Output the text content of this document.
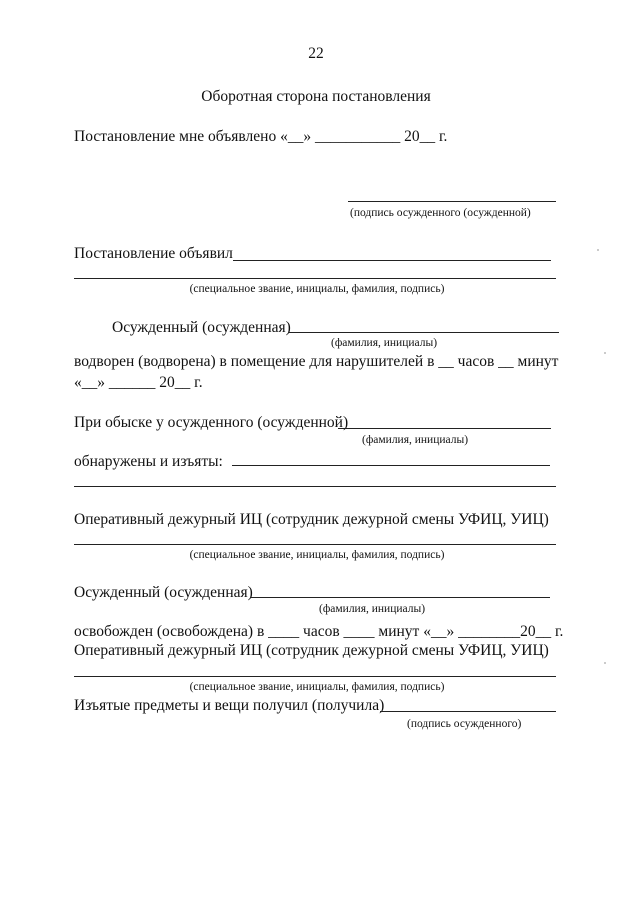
22
Оборотная сторона постановления
Постановление мне объявлено «__» ___________ 20__ г.
(подпись осужденного (осужденной)
Постановление объявил
(специальное звание, инициалы, фамилия, подпись)
Осужденный (осужденная)
(фамилия, инициалы)
водворен (водворена) в помещение для нарушителей в __ часов __ минут
«__» ______ 20__ г.
При обыске у осужденного (осужденной)
(фамилия, инициалы)
обнаружены и изъяты:
Оперативный дежурный ИЦ (сотрудник дежурной смены УФИЦ, УИЦ)
(специальное звание, инициалы, фамилия, подпись)
Осужденный (осужденная)
(фамилия, инициалы)
освобожден (освобождена) в ____ часов ____ минут «__» ________20__ г.
Оперативный дежурный ИЦ (сотрудник дежурной смены УФИЦ, УИЦ)
(специальное звание, инициалы, фамилия, подпись)
Изъятые предметы и вещи получил (получила)
(подпись осужденного)
